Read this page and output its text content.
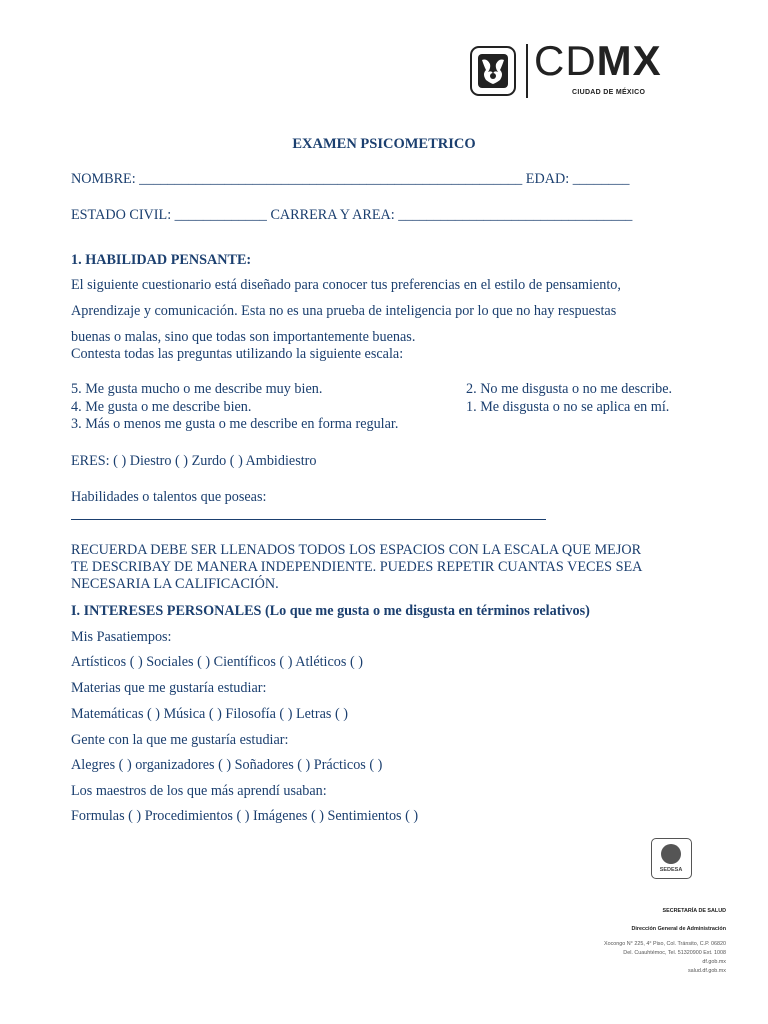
CDMX
CIUDAD DE MÉXICO
EXAMEN PSICOMETRICO
NOMBRE: ______________________________________________________ EDAD: ________
ESTADO CIVIL: _____________ CARRERA Y AREA: _________________________________
1. HABILIDAD PENSANTE:
El siguiente cuestionario está diseñado para conocer tus preferencias en el estilo de pensamiento,
Aprendizaje y comunicación. Esta no es una prueba de inteligencia por lo que no hay respuestas
buenas o malas, sino que todas son importantemente buenas.
Contesta todas las preguntas utilizando la siguiente escala:
5. Me gusta mucho o me describe muy bien.
4. Me gusta o me describe bien.
3. Más o menos me gusta o me describe en forma regular.
2. No me disgusta o no me describe.
1. Me disgusta o no se aplica en mí.
ERES: ( ) Diestro ( ) Zurdo ( ) Ambidiestro
Habilidades o talentos que poseas:
RECUERDA DEBE SER LLENADOS TODOS LOS ESPACIOS CON LA ESCALA QUE MEJOR
TE DESCRIBAY DE MANERA INDEPENDIENTE. PUEDES REPETIR CUANTAS VECES SEA
NECESARIA LA CALIFICACIÓN.
I. INTERESES PERSONALES (Lo que me gusta o me disgusta en términos relativos)
Mis Pasatiempos:
Artísticos ( ) Sociales ( ) Científicos ( ) Atléticos ( )
Materias que me gustaría estudiar:
Matemáticas ( ) Música ( ) Filosofía ( ) Letras ( )
Gente con la que me gustaría estudiar:
Alegres ( ) organizadores ( ) Soñadores ( ) Prácticos ( )
Los maestros de los que más aprendí usaban:
Formulas ( ) Procedimientos ( ) Imágenes ( ) Sentimientos ( )
SEDESA
SECRETARÍA DE SALUD
Dirección General de Administración
Xocongo N° 225, 4° Piso, Col. Tránsito, C.P. 06820
Del. Cuauhtémoc, Tel. 51320900 Ext. 1008
df.gob.mx
salud.df.gob.mx
